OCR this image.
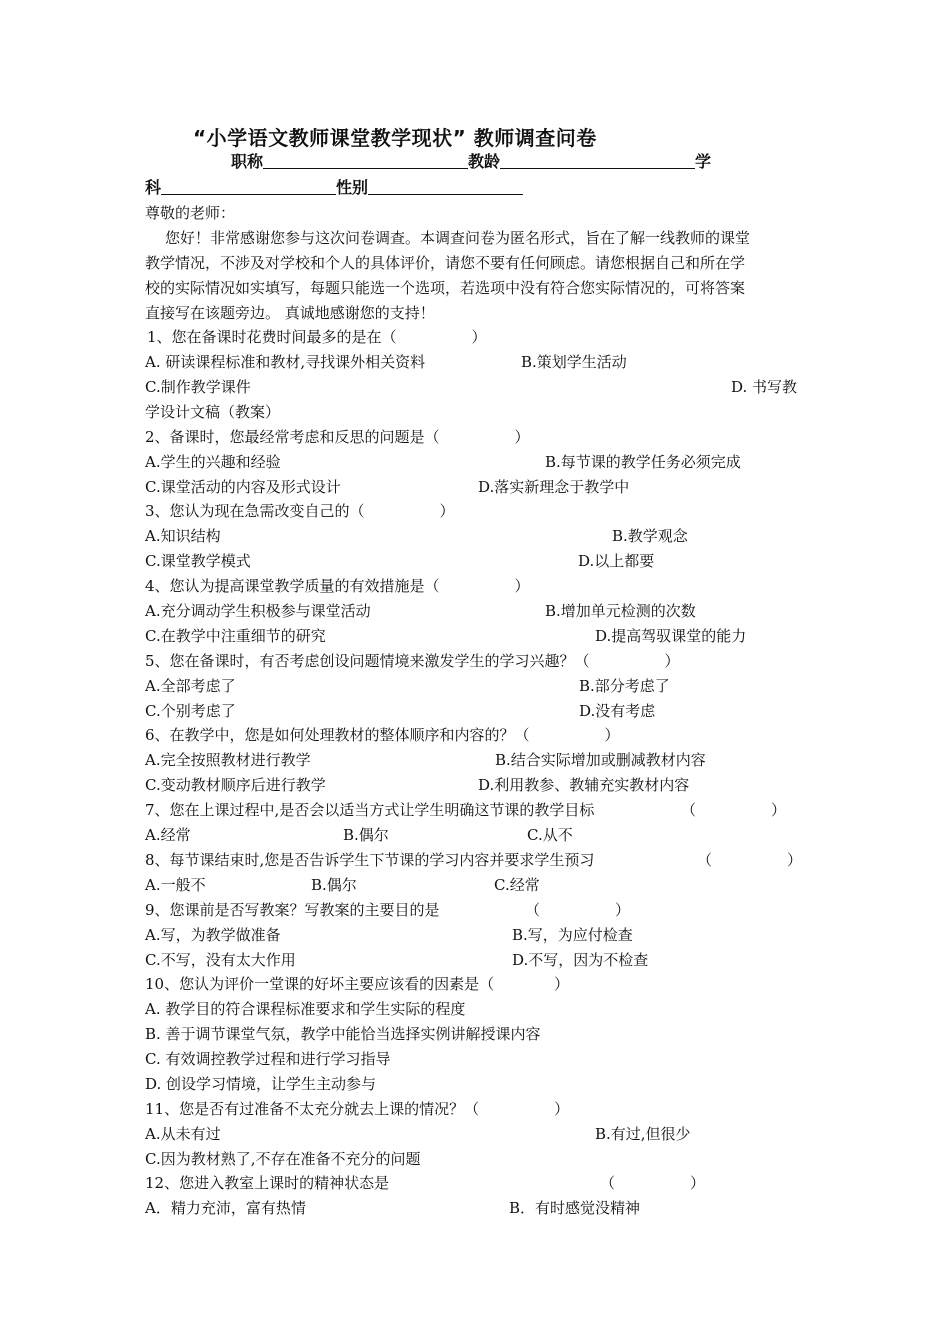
“小学语文教师课堂教学现状” 教师调查问卷
职称	教龄	学
科	性别
尊敬的老师：
您好！非常感谢您参与这次问卷调查。本调查问卷为匿名形式，旨在了解一线教师的课堂
教学情况，不涉及对学校和个人的具体评价，请您不要有任何顾虑。请您根据自己和所在学
校的实际情况如实填写，每题只能选一个选项，若选项中没有符合您实际情况的，可将答案
直接写在该题旁边。 真诚地感谢您的支持！
1、您在备课时花费时间最多的是在（　　　　　）
A. 研读课程标准和教材,寻找课外相关资料	B.策划学生活动
C.制作教学课件	D. 书写教
学设计文稿（教案）
2、备课时，您最经常考虑和反思的问题是（　　　　　）
A.学生的兴趣和经验	B.每节课的教学任务必须完成
C.课堂活动的内容及形式设计	D.落实新理念于教学中
3、您认为现在急需改变自己的（　　　　　）
A.知识结构	B.教学观念
C.课堂教学模式	D.以上都要
4、您认为提高课堂教学质量的有效措施是（　　　　　）
A.充分调动学生积极参与课堂活动	B.增加单元检测的次数
C.在教学中注重细节的研究	D.提高驾驭课堂的能力
5、您在备课时，有否考虑创设问题情境来激发学生的学习兴趣？（　　　　　）
A.全部考虑了	B.部分考虑了
C.个别考虑了	D.没有考虑
6、在教学中，您是如何处理教材的整体顺序和内容的？（　　　　　）
A.完全按照教材进行教学	B.结合实际增加或删减教材内容
C.变动教材顺序后进行教学	D.利用教参、教辅充实教材内容
7、您在上课过程中,是否会以适当方式让学生明确这节课的教学目标	（　　　　　）
A.经常	B.偶尔	C.从不
8、每节课结束时,您是否告诉学生下节课的学习内容并要求学生预习	（　　　　　）
A.一般不	B.偶尔	C.经常
9、您课前是否写教案？写教案的主要目的是	（　　　　　）
A.写，为教学做准备	B.写，为应付检查
C.不写，没有太大作用	D.不写，因为不检查
10、您认为评价一堂课的好坏主要应该看的因素是（　　　　）
A. 教学目的符合课程标准要求和学生实际的程度
B. 善于调节课堂气氛，教学中能恰当选择实例讲解授课内容
C. 有效调控教学过程和进行学习指导
D. 创设学习情境，让学生主动参与
11、您是否有过准备不太充分就去上课的情况？（　　　　　）
A.从未有过	B.有过,但很少
C.因为教材熟了,不存在准备不充分的问题
12、您进入教室上课时的精神状态是	（　　　　　）
A．精力充沛，富有热情	B．有时感觉没精神
